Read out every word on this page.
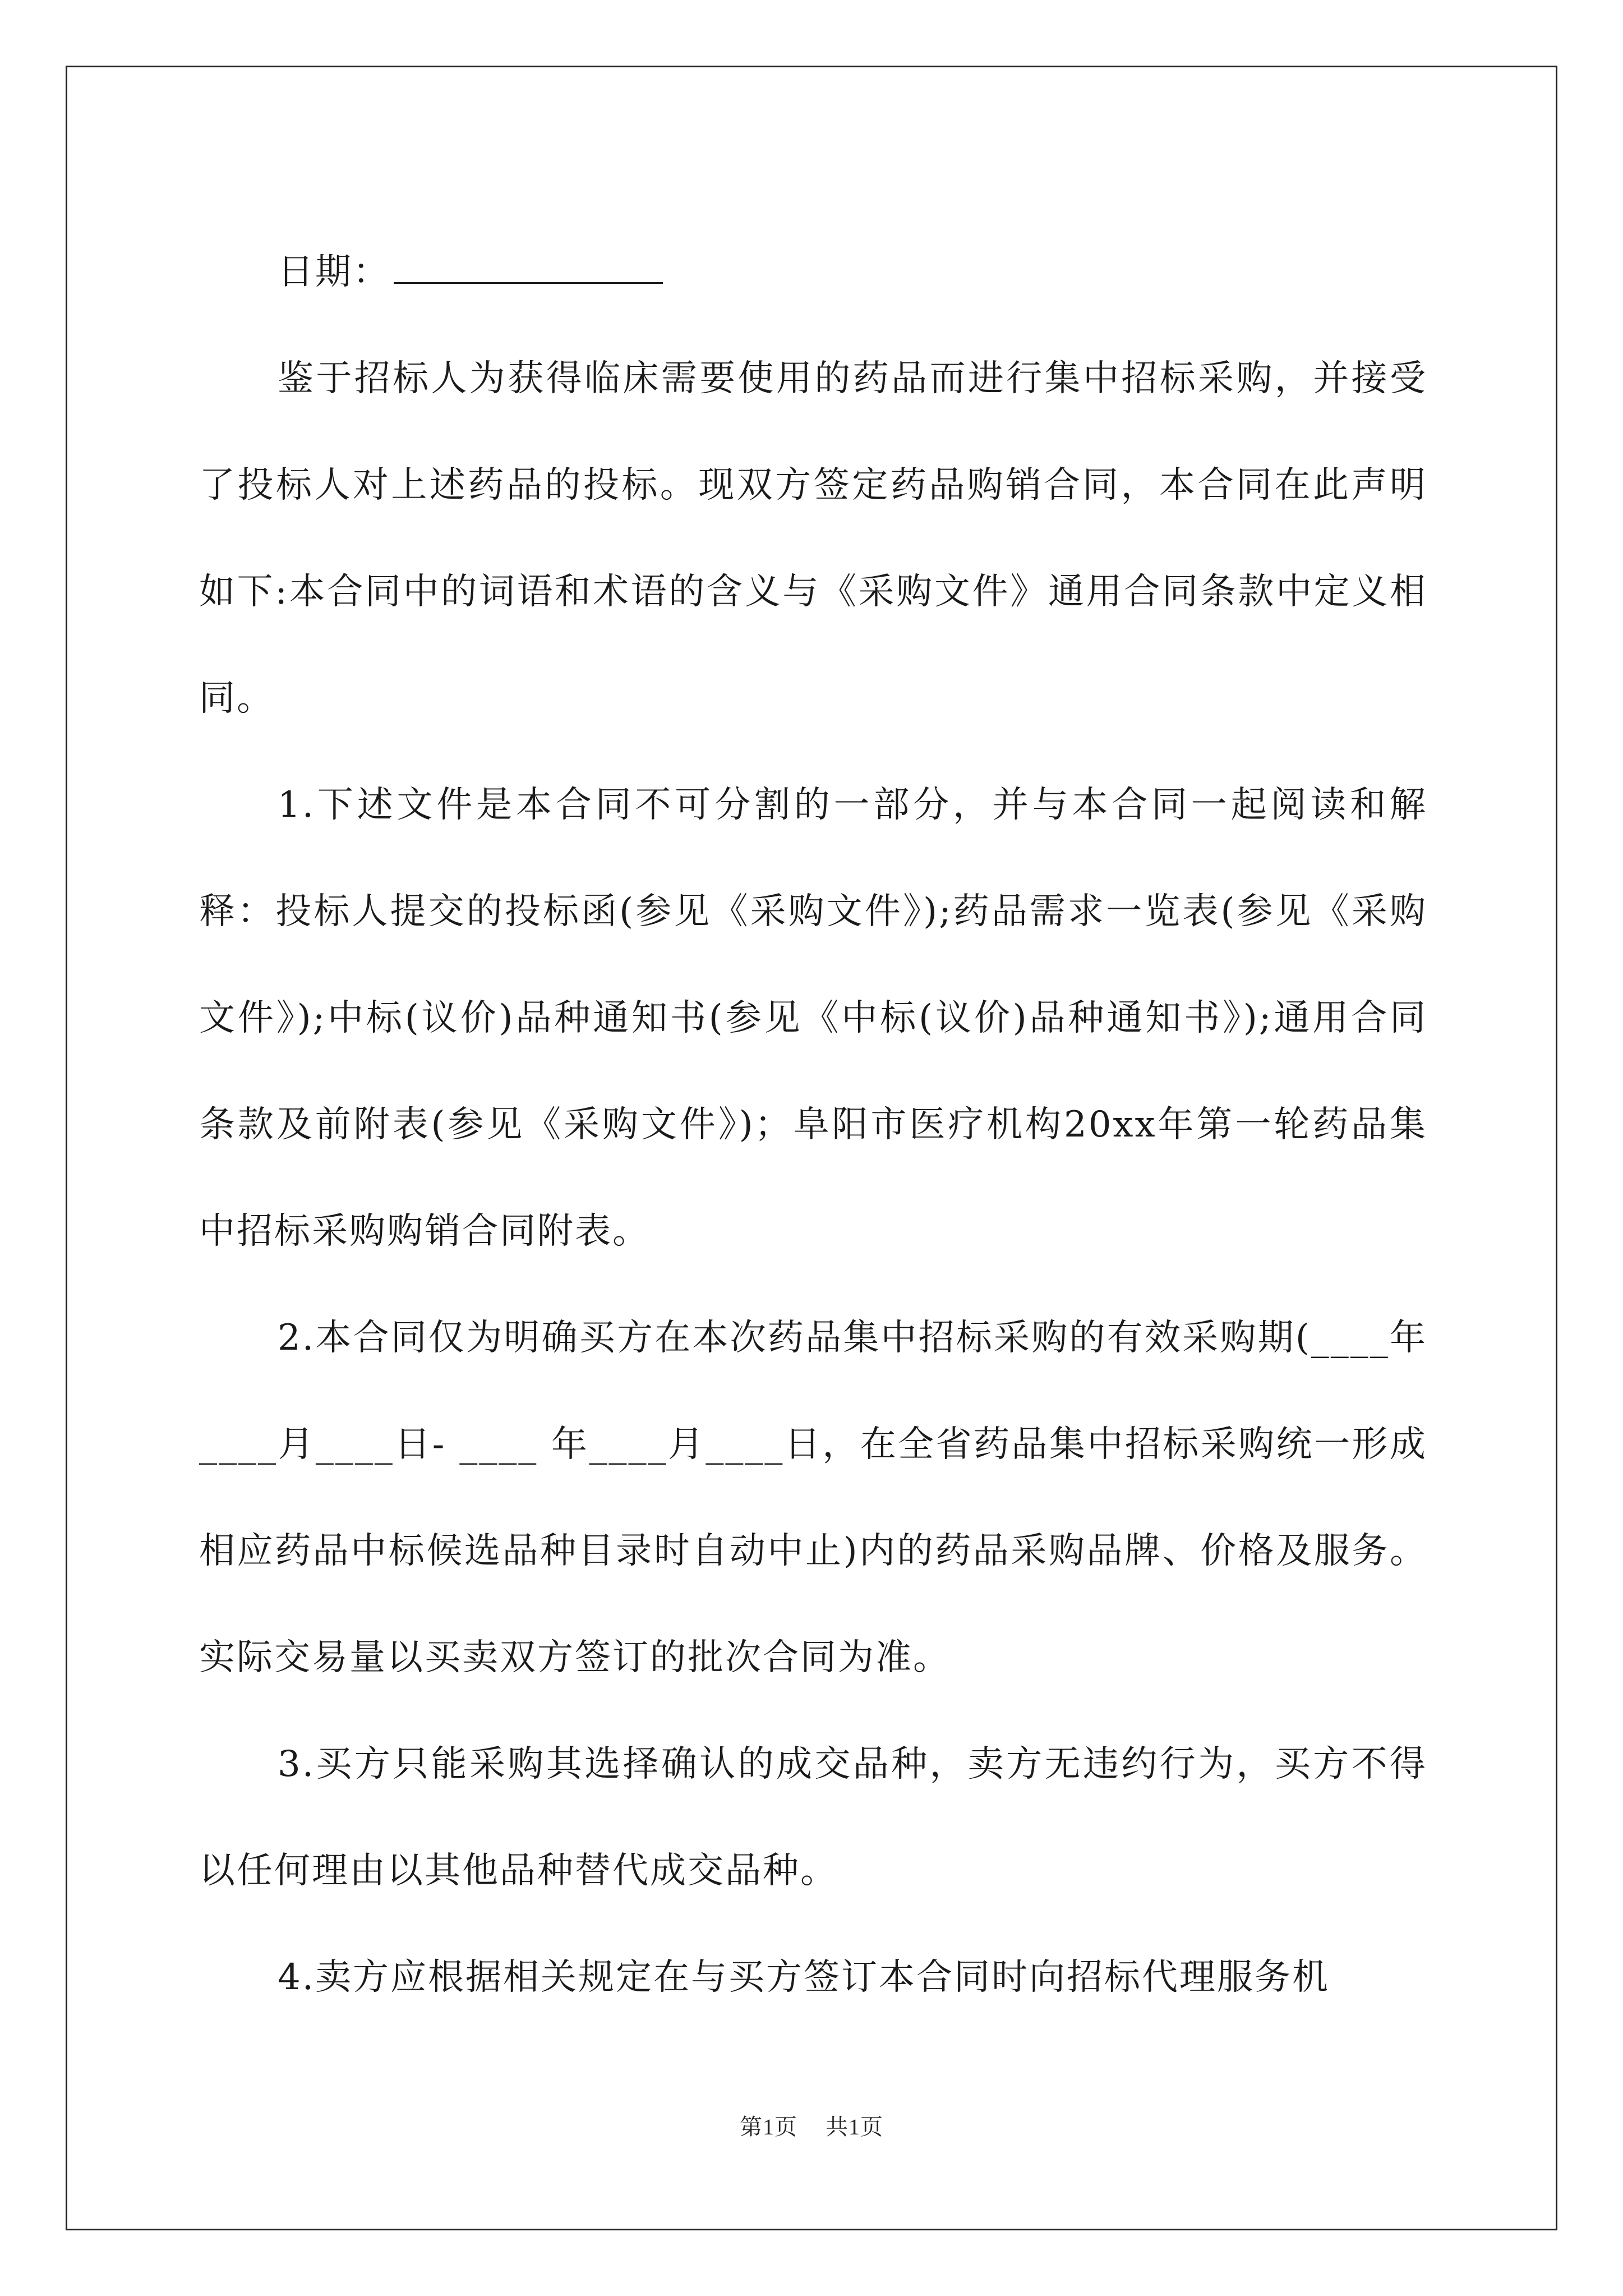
日期：

鉴于招标人为获得临床需要使用的药品而进行集中招标采购，并接受了投标人对上述药品的投标。现双方签定药品购销合同，本合同在此声明如下:本合同中的词语和术语的含义与《采购文件》通用合同条款中定义相同。

1.下述文件是本合同不可分割的一部分，并与本合同一起阅读和解释：投标人提交的投标函(参见《采购文件》);药品需求一览表(参见《采购文件》);中标(议价)品种通知书(参见《中标(议价)品种通知书》);通用合同条款及前附表(参见《采购文件》)；阜阳市医疗机构20xx年第一轮药品集中招标采购购销合同附表。

2.本合同仅为明确买方在本次药品集中招标采购的有效采购期(____年____月____日- ____ 年____月____日，在全省药品集中招标采购统一形成相应药品中标候选品种目录时自动中止)内的药品采购品牌、价格及服务。实际交易量以买卖双方签订的批次合同为准。

3.买方只能采购其选择确认的成交品种，卖方无违约行为，买方不得以任何理由以其他品种替代成交品种。

4.卖方应根据相关规定在与买方签订本合同时向招标代理服务机

第1页 共1页
